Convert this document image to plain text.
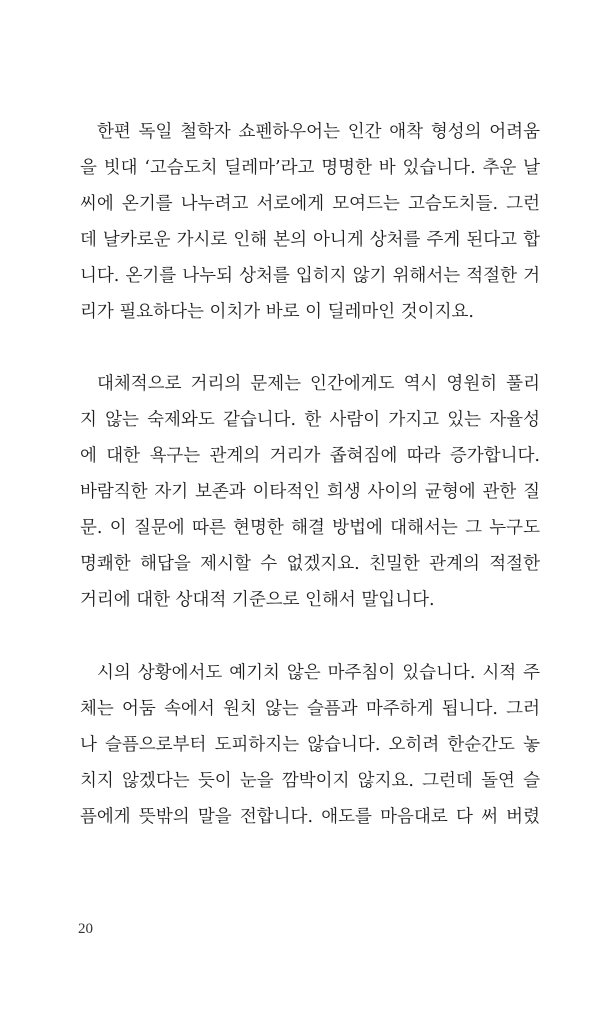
한편 독일 철학자 쇼펜하우어는 인간 애착 형성의 어려움
을 빗대 ‘고슴도치 딜레마’라고 명명한 바 있습니다. 추운 날
씨에 온기를 나누려고 서로에게 모여드는 고슴도치들. 그런
데 날카로운 가시로 인해 본의 아니게 상처를 주게 된다고 합
니다. 온기를 나누되 상처를 입히지 않기 위해서는 적절한 거
리가 필요하다는 이치가 바로 이 딜레마인 것이지요.
대체적으로 거리의 문제는 인간에게도 역시 영원히 풀리
지 않는 숙제와도 같습니다. 한 사람이 가지고 있는 자율성
에 대한 욕구는 관계의 거리가 좁혀짐에 따라 증가합니다.
바람직한 자기 보존과 이타적인 희생 사이의 균형에 관한 질
문. 이 질문에 따른 현명한 해결 방법에 대해서는 그 누구도
명쾌한 해답을 제시할 수 없겠지요. 친밀한 관계의 적절한
거리에 대한 상대적 기준으로 인해서 말입니다.
시의 상황에서도 예기치 않은 마주침이 있습니다. 시적 주
체는 어둠 속에서 원치 않는 슬픔과 마주하게 됩니다. 그러
나 슬픔으로부터 도피하지는 않습니다. 오히려 한순간도 놓
치지 않겠다는 듯이 눈을 깜박이지 않지요. 그런데 돌연 슬
픔에게 뜻밖의 말을 전합니다. 애도를 마음대로 다 써 버렸
20
